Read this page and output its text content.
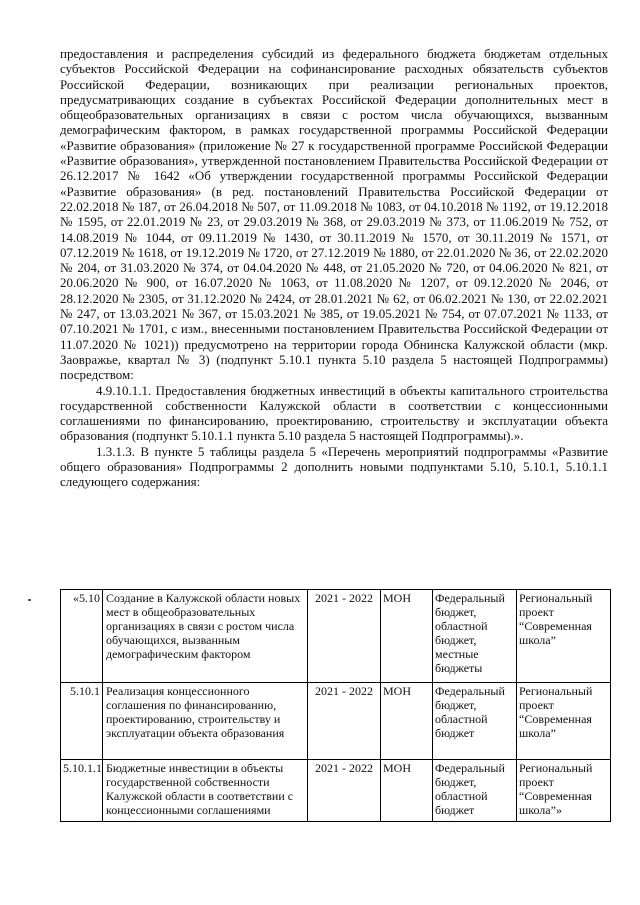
предоставления и распределения субсидий из федерального бюджета бюджетам отдельных субъектов Российской Федерации на софинансирование расходных обязательств субъектов Российской Федерации, возникающих при реализации региональных проектов, предусматривающих создание в субъектах Российской Федерации дополнительных мест в общеобразовательных организациях в связи с ростом числа обучающихся, вызванным демографическим фактором, в рамках государственной программы Российской Федерации «Развитие образования» (приложение № 27 к государственной программе Российской Федерации «Развитие образования», утвержденной постановлением Правительства Российской Федерации от 26.12.2017 № 1642 «Об утверждении государственной программы Российской Федерации «Развитие образования» (в ред. постановлений Правительства Российской Федерации от 22.02.2018 № 187, от 26.04.2018 № 507, от 11.09.2018 № 1083, от 04.10.2018 № 1192, от 19.12.2018 № 1595, от 22.01.2019 № 23, от 29.03.2019 № 368, от 29.03.2019 № 373, от 11.06.2019 № 752, от 14.08.2019 № 1044, от 09.11.2019 № 1430, от 30.11.2019 № 1570, от 30.11.2019 № 1571, от 07.12.2019 № 1618, от 19.12.2019 № 1720, от 27.12.2019 № 1880, от 22.01.2020 № 36, от 22.02.2020 № 204, от 31.03.2020 № 374, от 04.04.2020 № 448, от 21.05.2020 № 720, от 04.06.2020 № 821, от 20.06.2020 № 900, от 16.07.2020 № 1063, от 11.08.2020 № 1207, от 09.12.2020 № 2046, от 28.12.2020 № 2305, от 31.12.2020 № 2424, от 28.01.2021 № 62, от 06.02.2021 № 130, от 22.02.2021 № 247, от 13.03.2021 № 367, от 15.03.2021 № 385, от 19.05.2021 № 754, от 07.07.2021 № 1133, от 07.10.2021 № 1701, с изм., внесенными постановлением Правительства Российской Федерации от 11.07.2020 № 1021)) предусмотрено на территории города Обнинска Калужской области (мкр. Заовражье, квартал № 3) (подпункт 5.10.1 пункта 5.10 раздела 5 настоящей Подпрограммы) посредством:

4.9.10.1.1. Предоставления бюджетных инвестиций в объекты капитального строительства государственной собственности Калужской области в соответствии с концессионными соглашениями по финансированию, проектированию, строительству и эксплуатации объекта образования (подпункт 5.10.1.1 пункта 5.10 раздела 5 настоящей Подпрограммы).».

1.3.1.3. В пункте 5 таблицы раздела 5 «Перечень мероприятий подпрограммы «Развитие общего образования» Подпрограммы 2 дополнить новыми подпунктами 5.10, 5.10.1, 5.10.1.1 следующего содержания:

«5.10	Создание в Калужской области новых мест в общеобразовательных организациях в связи с ростом числа обучающихся, вызванным демографическим фактором	2021 - 2022	МОН	Федеральный бюджет, областной бюджет, местные бюджеты	Региональный проект “Современная школа”
5.10.1	Реализация концессионного соглашения по финансированию, проектированию, строительству и эксплуатации объекта образования	2021 - 2022	МОН	Федеральный бюджет, областной бюджет	Региональный проект “Современная школа”
5.10.1.1	Бюджетные инвестиции в объекты государственной собственности Калужской области в соответствии с концессионными соглашениями	2021 - 2022	МОН	Федеральный бюджет, областной бюджет	Региональный проект “Современная школа”»
